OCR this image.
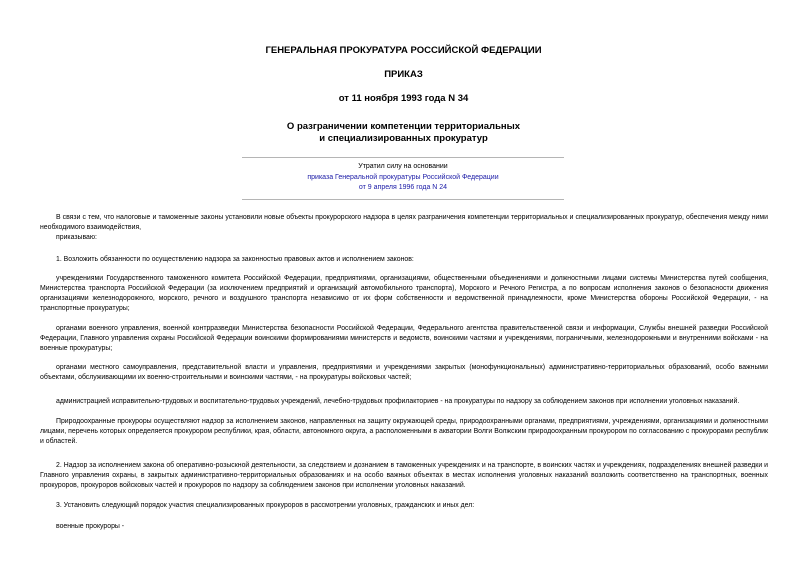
ГЕНЕРАЛЬНАЯ ПРОКУРАТУРА РОССИЙСКОЙ ФЕДЕРАЦИИ
ПРИКАЗ
от 11 ноября 1993 года N 34
О разграничении компетенции территориальных
и специализированных прокуратур
Утратил силу на основании
приказа Генеральной прокуратуры Российской Федерации
от 9 апреля 1996 года N 24
В связи с тем, что налоговые и таможенные законы установили новые объекты прокурорского надзора в целях разграничения компетенции территориальных и специализированных прокуратур, обеспечения между ними необходимого взаимодействия,
приказываю:
1. Возложить обязанности по осуществлению надзора за законностью правовых актов и исполнением законов:
учреждениями Государственного таможенного комитета Российской Федерации, предприятиями, организациями, общественными объединениями и должностными лицами системы Министерства путей сообщения, Министерства транспорта Российской Федерации (за исключением предприятий и организаций автомобильного транспорта), Морского и Речного Регистра, а по вопросам исполнения законов о безопасности движения организациями железнодорожного, морского, речного и воздушного транспорта независимо от их форм собственности и ведомственной принадлежности, кроме Министерства обороны Российской Федерации, - на транспортные прокуратуры;
органами военного управления, военной контрразведки Министерства безопасности Российской Федерации, Федерального агентства правительственной связи и информации, Службы внешней разведки Российской Федерации, Главного управления охраны Российской Федерации воинскими формированиями министерств и ведомств, воинскими частями и учреждениями, пограничными, железнодорожными и внутренними войсками - на военные прокуратуры;
органами местного самоуправления, представительной власти и управления, предприятиями и учреждениями закрытых (монофункциональных) административно-территориальных образований, особо важными объектами, обслуживающими их военно-строительными и воинскими частями, - на прокуратуры войсковых частей;
администрацией исправительно-трудовых и воспитательно-трудовых учреждений, лечебно-трудовых профилакториев - на прокуратуры по надзору за соблюдением законов при исполнении уголовных наказаний.
Природоохранные прокуроры осуществляют надзор за исполнением законов, направленных на защиту окружающей среды, природоохранными органами, предприятиями, учреждениями, организациями и должностными лицами, перечень которых определяется прокурором республики, края, области, автономного округа, а расположенными в акватории Волги Волжским природоохранным прокурором по согласованию с прокурорами республик и областей.
2. Надзор за исполнением закона об оперативно-розыскной деятельности, за следствием и дознанием в таможенных учреждениях и на транспорте, в воинских частях и учреждениях, подразделениях внешней разведки и Главного управления охраны, в закрытых административно-территориальных образованиях и на особо важных объектах в местах исполнения уголовных наказаний возложить соответственно на транспортных, военных прокуроров, прокуроров войсковых частей и прокуроров по надзору за соблюдением законов при исполнении уголовных наказаний.
3. Установить следующий порядок участия специализированных прокуроров в рассмотрении уголовных, гражданских и иных дел:
военные прокуроры -
